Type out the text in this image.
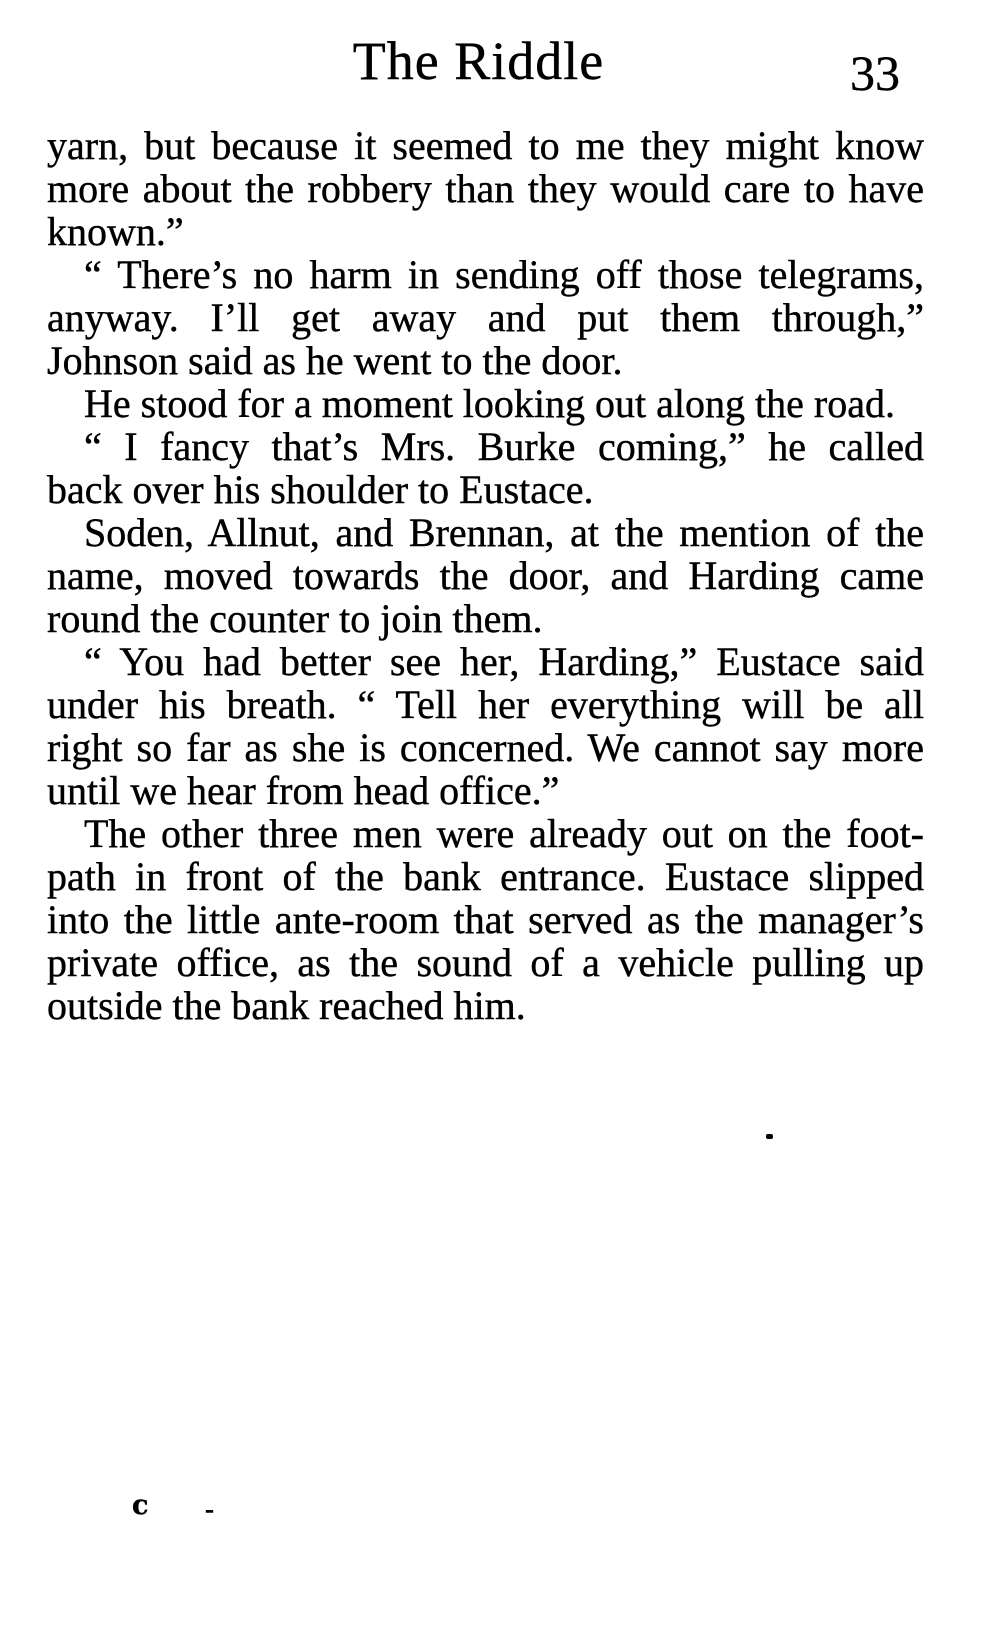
The Riddle	33
yarn, but because it seemed to me they might know
more about the robbery than they would care to have
known.”
“ There’s no harm in sending off those telegrams,
anyway. I’ll get away and put them through,”
Johnson said as he went to the door.
He stood for a moment looking out along the road.
“ I fancy that’s Mrs. Burke coming,” he called
back over his shoulder to Eustace.
Soden, Allnut, and Brennan, at the mention of the
name, moved towards the door, and Harding came
round the counter to join them.
“ You had better see her, Harding,” Eustace said
under his breath. “ Tell her everything will be all
right so far as she is concerned. We cannot say more
until we hear from head office.”
The other three men were already out on the foot-
path in front of the bank entrance. Eustace slipped
into the little ante-room that served as the manager’s
private office, as the sound of a vehicle pulling up
outside the bank reached him.
c -
